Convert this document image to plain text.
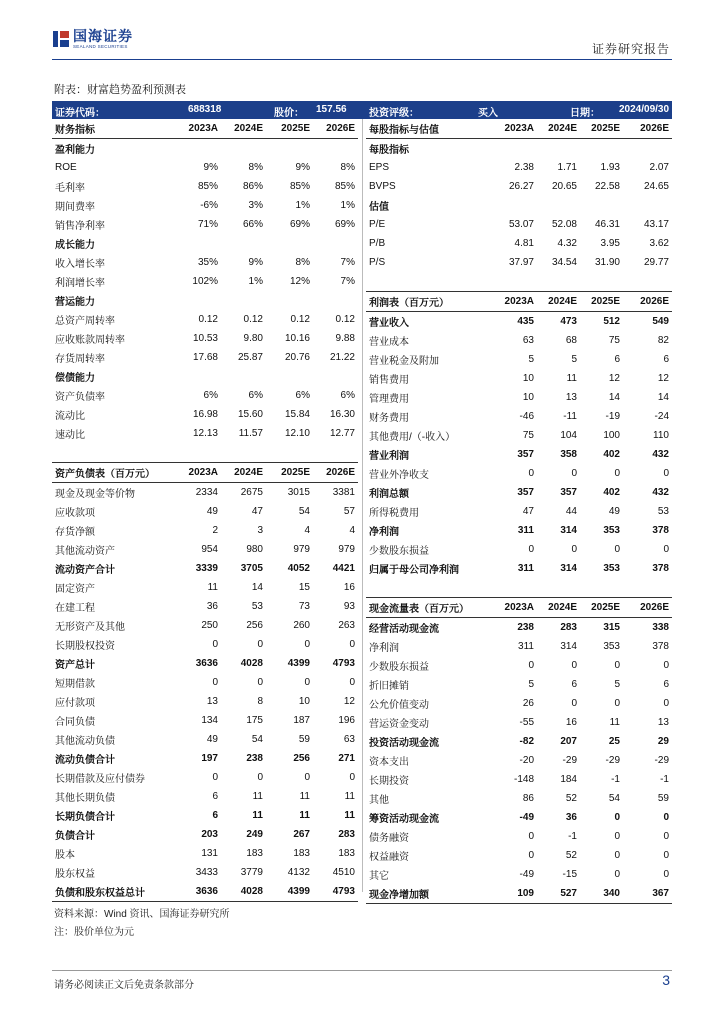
国海证券
SEALAND SECURITIES	证券研究报告
附表：财富趋势盈利预测表
证券代码：	688318	股价： 157.56 投资评级：	买入	日期： 2024/09/30
财务指标	2023A	2024E	2025E	2026E
盈利能力
ROE	9%	8%	9%	8%
毛利率	85%	86%	85%	85%
期间费率	-6%	3%	1%	1%
销售净利率	71%	66%	69%	69%
成长能力
收入增长率	35%	9%	8%	7%
利润增长率	102%	1%	12%	7%
营运能力
总资产周转率	0.12	0.12	0.12	0.12
应收账款周转率	10.53	9.80	10.16	9.88
存货周转率	17.68	25.87	20.76	21.22
偿债能力
资产负债率	6%	6%	6%	6%
流动比	16.98	15.60	15.84	16.30
速动比	12.13	11.57	12.10	12.77
资产负债表（百万元）	2023A	2024E	2025E	2026E
现金及现金等价物	2334	2675	3015	3381
应收款项	49	47	54	57
存货净额	2	3	4	4
其他流动资产	954	980	979	979
流动资产合计	3339	3705	4052	4421
固定资产	11	14	15	16
在建工程	36	53	73	93
无形资产及其他	250	256	260	263
长期股权投资	0	0	0	0
资产总计	3636	4028	4399	4793
短期借款	0	0	0	0
应付款项	13	8	10	12
合同负债	134	175	187	196
其他流动负债	49	54	59	63
流动负债合计	197	238	256	271
长期借款及应付债券	0	0	0	0
其他长期负债	6	11	11	11
长期负债合计	6	11	11	11
负债合计	203	249	267	283
股本	131	183	183	183
股东权益	3433	3779	4132	4510
负债和股东权益总计	3636	4028	4399	4793
每股指标与估值	2023A	2024E	2025E	2026E
每股指标
EPS	2.38	1.71	1.93	2.07
BVPS	26.27	20.65	22.58	24.65
估值
P/E	53.07	52.08	46.31	43.17
P/B	4.81	4.32	3.95	3.62
P/S	37.97	34.54	31.90	29.77
利润表（百万元）	2023A	2024E	2025E	2026E
营业收入	435	473	512	549
营业成本	63	68	75	82
营业税金及附加	5	5	6	6
销售费用	10	11	12	12
管理费用	10	13	14	14
财务费用	-46	-11	-19	-24
其他费用/（-收入）	75	104	100	110
营业利润	357	358	402	432
营业外净收支	0	0	0	0
利润总额	357	357	402	432
所得税费用	47	44	49	53
净利润	311	314	353	378
少数股东损益	0	0	0	0
归属于母公司净利润	311	314	353	378
现金流量表（百万元）	2023A	2024E	2025E	2026E
经营活动现金流	238	283	315	338
净利润	311	314	353	378
少数股东损益	0	0	0	0
折旧摊销	5	6	5	6
公允价值变动	26	0	0	0
营运资金变动	-55	16	11	13
投资活动现金流	-82	207	25	29
资本支出	-20	-29	-29	-29
长期投资	-148	184	-1	-1
其他	86	52	54	59
筹资活动现金流	-49	36	0	0
债务融资	0	-1	0	0
权益融资	0	52	0	0
其它	-49	-15	0	0
现金净增加额	109	527	340	367
资料来源：Wind 资讯、国海证券研究所
注：股价单位为元
请务必阅读正文后免责条款部分	3
